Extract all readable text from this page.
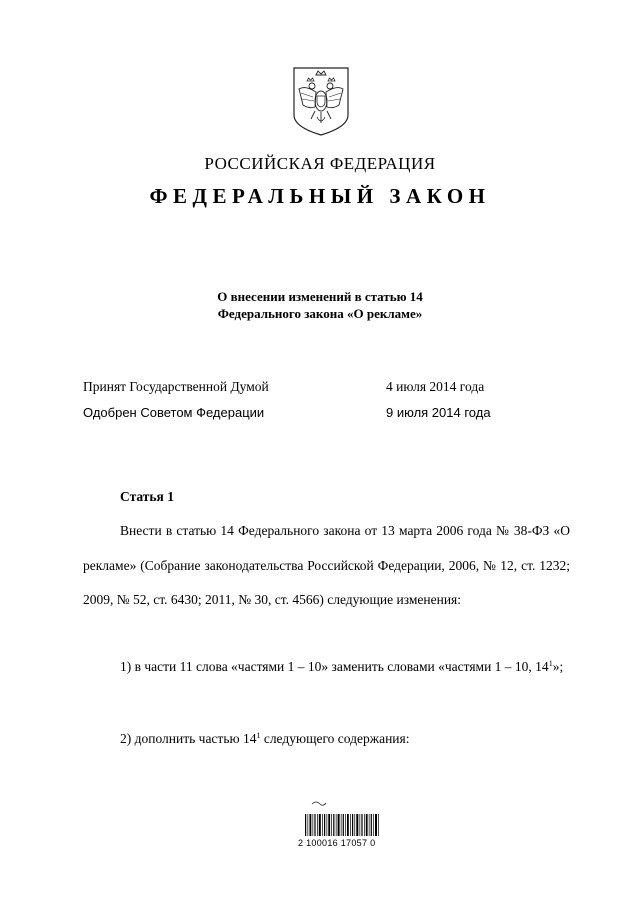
РОССИЙСКАЯ ФЕДЕРАЦИЯ
ФЕДЕРАЛЬНЫЙ ЗАКОН
О внесении изменений в статью 14
Федерального закона «О рекламе»
Принят Государственной Думой	4 июля 2014 года
Одобрен Советом Федерации	9 июля 2014 года
Статья 1
Внести в статью 14 Федерального закона от 13 марта 2006 года № 38-ФЗ «О рекламе» (Собрание законодательства Российской Федерации, 2006, № 12, ст. 1232; 2009, № 52, ст. 6430; 2011, № 30, ст. 4566) следующие изменения:
1) в части 11 слова «частями 1 – 10» заменить словами «частями 1 – 10, $14^1$»;
2) дополнить частью $14^1$ следующего содержания:
2 100016 17057 0
